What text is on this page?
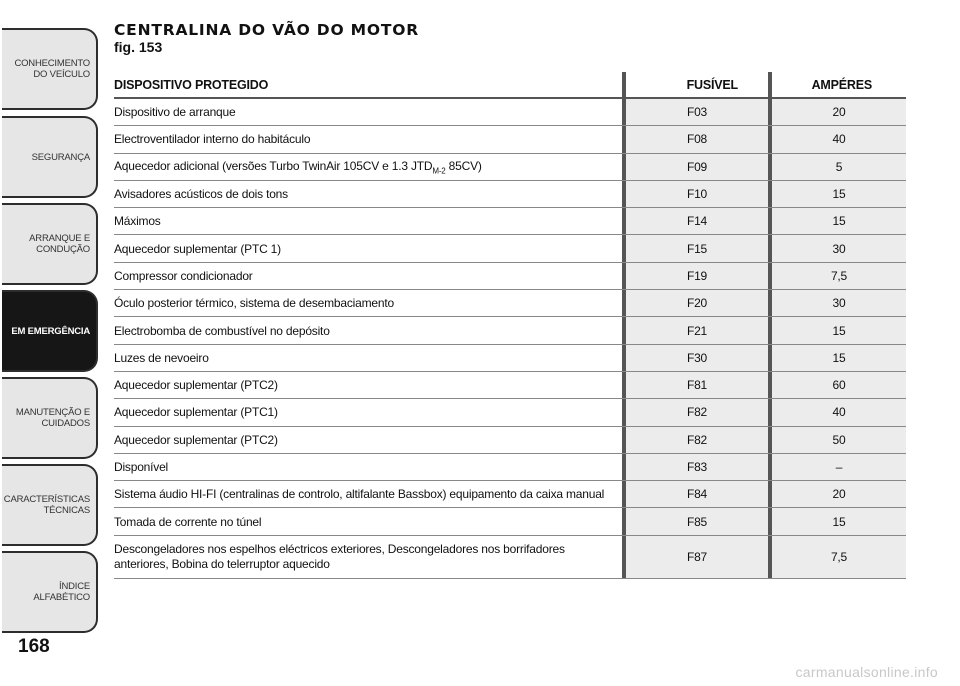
CONHECIMENTO DO VEÍCULO
SEGURANÇA
ARRANQUE E CONDUÇÃO
EM EMERGÊNCIA
MANUTENÇÃO E CUIDADOS
CARACTERÍSTICAS TÉCNICAS
ÍNDICE ALFABÉTICO
168
CENTRALINA DO VÃO DO MOTOR
fig. 153
DISPOSITIVO PROTEGIDO	FUSÍVEL	AMPÉRES
Dispositivo de arranque	F03	20
Electroventilador interno do habitáculo	F08	40
Aquecedor adicional (versões Turbo TwinAir 105CV e 1.3 $JTD_{M-2}$ 85CV)	F09	5
Avisadores acústicos de dois tons	F10	15
Máximos	F14	15
Aquecedor suplementar (PTC 1)	F15	30
Compressor condicionador	F19	7,5
Óculo posterior térmico, sistema de desembaciamento	F20	30
Electrobomba de combustível no depósito	F21	15
Luzes de nevoeiro	F30	15
Aquecedor suplementar (PTC2)	F81	60
Aquecedor suplementar (PTC1)	F82	40
Aquecedor suplementar (PTC2)	F82	50
Disponível	F83	–
Sistema áudio HI-FI (centralinas de controlo, altifalante Bassbox) equipamento da caixa manual	F84	20
Tomada de corrente no túnel	F85	15
Descongeladores nos espelhos eléctricos exteriores, Descongeladores nos borrifadores anteriores, Bobina do telerruptor aquecido	F87	7,5
carmanualsonline.info
